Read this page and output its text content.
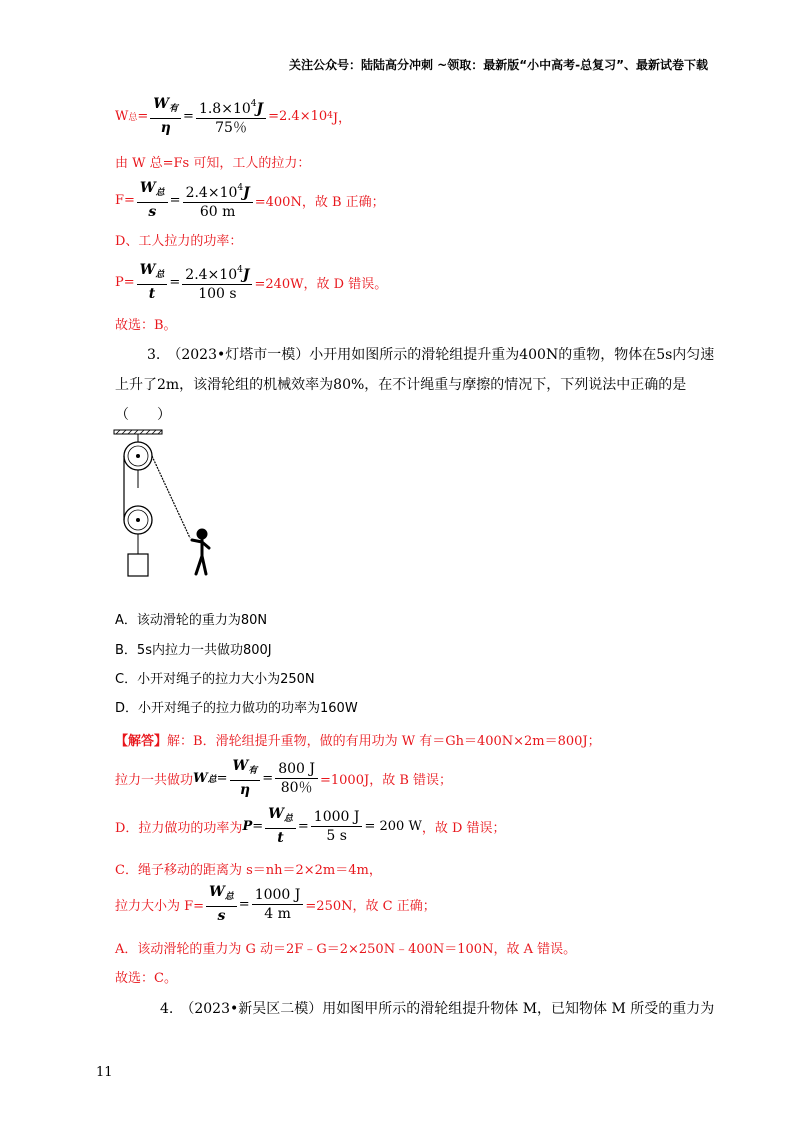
关注公众号：陆陆高分冲刺 ~领取：最新版“小中高考-总复习”、最新试卷下载
W 总 = $\frac{W_有}{\eta} = \frac{1.8\times 10^4J}{75\%} =2.4\times 10$ 4 J，
由 W 总=Fs 可知，工人的拉力：
$F= \frac{W_总}{s} = \frac{2.4\times 10^4J}{60 m} =400N$，故 B 正确；
D、工人拉力的功率：
$P= \frac{W_总}{t} = \frac{2.4\times 10^4J}{100 s} =240W$，故 D 错误。
故选：B。
3.　（2023•灯塔市一模）小开用如图所示的滑轮组提升重为400N的重物，物体在5s内匀速上升了2m，该滑轮组的机械效率为80%，在不计绳重与摩擦的情况下，下列说法中正确的是（　　）
A．该动滑轮的重力为80N
B．5s内拉力一共做功800J
C．小开对绳子的拉力大小为250N
D．小开对绳子的拉力做功的功率为160W
【解答】解：B．滑轮组提升重物，做的有用功为 W 有＝Gh＝400N×2m＝800J；
拉力一共做功 W 总 = $\frac{W_有}{\eta} = \frac{800 J}{80\%} =1000J$，故 B 错误；
D．拉力做功的功率为 $P = \frac{W_总}{t} = \frac{1000 J}{5 s} = 200$ W ，故 D 错误；
C．绳子移动的距离为 s＝nh＝2×2m＝4m，
拉力大小为 $F= \frac{W_总}{s} = \frac{1000 J}{4 m} =250N$，故 C 正确；
A．该动滑轮的重力为 G 动＝2F﹣G＝2×250N﹣400N＝100N，故 A 错误。
故选：C。
4.　（2023•新吴区二模）用如图甲所示的滑轮组提升物体 M，已知物体 M 所受的重力为
11
